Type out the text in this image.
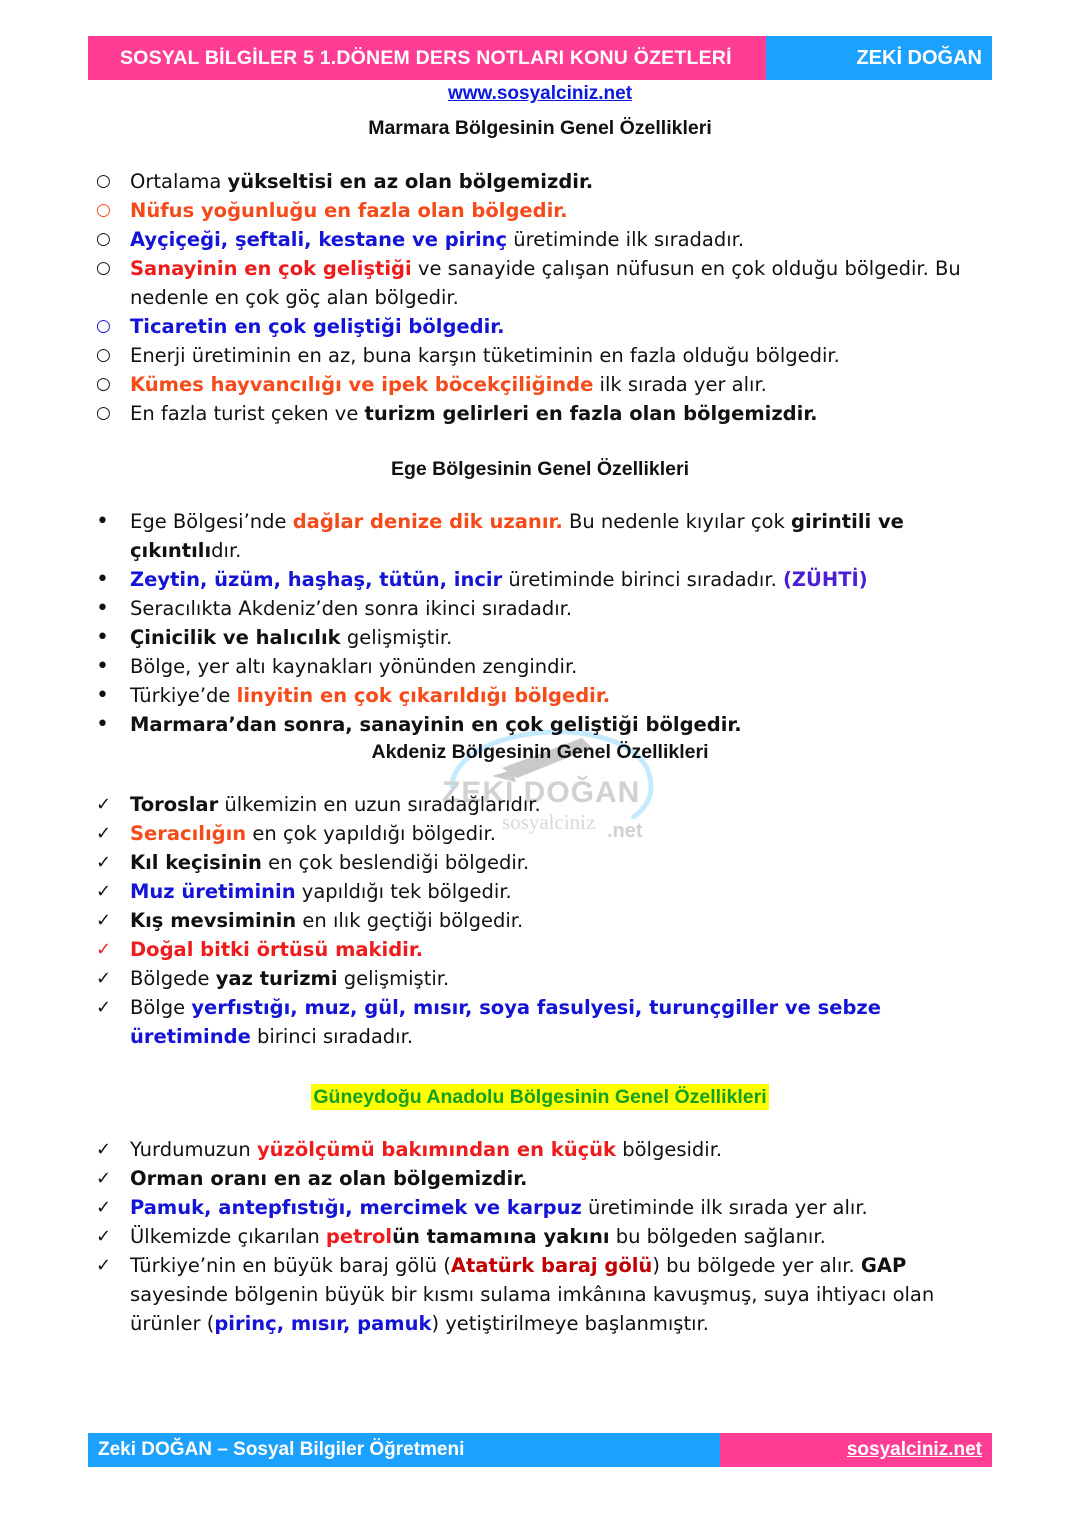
SOSYAL BİLGİLER 5 1.DÖNEM DERS NOTLARI KONU ÖZETLERİ	ZEKİ DOĞAN
www.sosyalciniz.net
ZEKİ DOĞAN
sosyalciniz .net
Marmara Bölgesinin Genel Özellikleri
Ege Bölgesinin Genel Özellikleri
Akdeniz Bölgesinin Genel Özellikleri
Güneydoğu Anadolu Bölgesinin Genel Özellikleri
○ Ortalama yükseltisi en az olan bölgemizdir.
○ Nüfus yoğunluğu en fazla olan bölgedir.
○ Ayçiçeği, şeftali, kestane ve pirinç üretiminde ilk sıradadır.
○ Sanayinin en çok geliştiği ve sanayide çalışan nüfusun en çok olduğu bölgedir. Bu nedenle en çok göç alan bölgedir.
○ Ticaretin en çok geliştiği bölgedir.
○ Enerji üretiminin en az, buna karşın tüketiminin en fazla olduğu bölgedir.
○ Kümes hayvancılığı ve ipek böcekçiliğinde ilk sırada yer alır.
○ En fazla turist çeken ve turizm gelirleri en fazla olan bölgemizdir.
•	Ege Bölgesi’nde dağlar denize dik uzanır. Bu nedenle kıyılar çok girintili ve çıkıntılıdır.
•	Zeytin, üzüm, haşhaş, tütün, incir üretiminde birinci sıradadır. (ZÜHTİ)
•	Seracılıkta Akdeniz’den sonra ikinci sıradadır.
•	Çinicilik ve halıcılık gelişmiştir.
•	Bölge, yer altı kaynakları yönünden zengindir.
•	Türkiye’de linyitin en çok çıkarıldığı bölgedir.
•	Marmara’dan sonra, sanayinin en çok geliştiği bölgedir.
✓ Toroslar ülkemizin en uzun sıradağlarıdır.
✓ Seracılığın en çok yapıldığı bölgedir.
✓ Kıl keçisinin en çok beslendiği bölgedir.
✓ Muz üretiminin yapıldığı tek bölgedir.
✓ Kış mevsiminin en ılık geçtiği bölgedir.
✓ Doğal bitki örtüsü makidir.
✓ Bölgede yaz turizmi gelişmiştir.
✓ Bölge yerfıstığı, muz, gül, mısır, soya fasulyesi, turunçgiller ve sebze üretiminde birinci sıradadır.
✓ Yurdumuzun yüzölçümü bakımından en küçük bölgesidir.
✓ Orman oranı en az olan bölgemizdir.
✓ Pamuk, antepfıstığı, mercimek ve karpuz üretiminde ilk sırada yer alır.
✓ Ülkemizde çıkarılan petrolün tamamına yakını bu bölgeden sağlanır.
✓ Türkiye’nin en büyük baraj gölü (Atatürk baraj gölü) bu bölgede yer alır. GAP sayesinde bölgenin büyük bir kısmı sulama imkânına kavuşmuş, suya ihtiyacı olan ürünler (pirinç, mısır, pamuk) yetiştirilmeye başlanmıştır.
Zeki DOĞAN – Sosyal Bilgiler Öğretmeni	sosyalciniz.net
